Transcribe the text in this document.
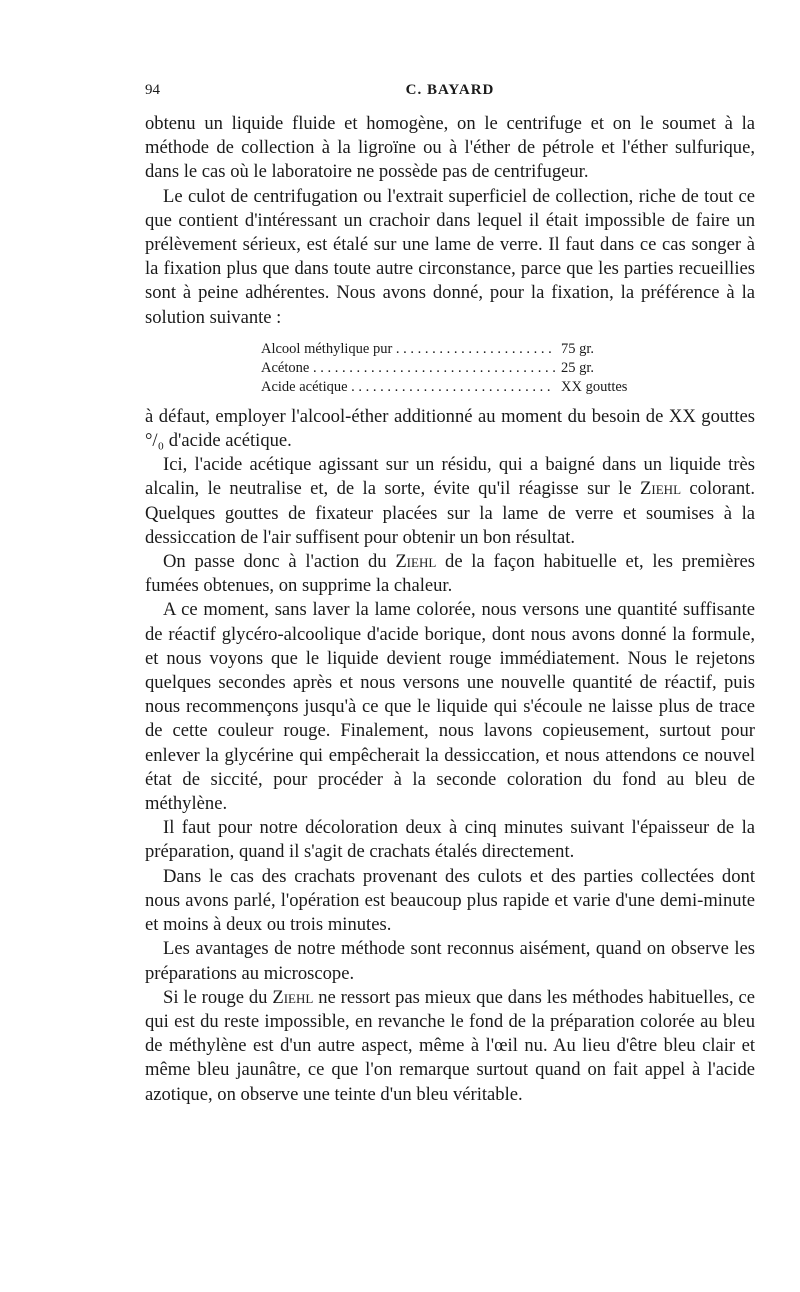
94	C. BAYARD

obtenu un liquide fluide et homogène, on le centrifuge et on le soumet à la méthode de collection à la ligroïne ou à l'éther de pétrole et l'éther sulfurique, dans le cas où le laboratoire ne possède pas de centrifugeur.

Le culot de centrifugation ou l'extrait superficiel de collection, riche de tout ce que contient d'intéressant un crachoir dans lequel il était impossible de faire un prélèvement sérieux, est étalé sur une lame de verre. Il faut dans ce cas songer à la fixation plus que dans toute autre circonstance, parce que les parties recueillies sont à peine adhérentes. Nous avons donné, pour la fixation, la préférence à la solution suivante :

Alcool méthylique pur . . .	75 gr.
Acétone . . .	25 gr.
Acide acétique . . .	XX gouttes

à défaut, employer l'alcool-éther additionné au moment du besoin de XX gouttes °/₀ d'acide acétique.

Ici, l'acide acétique agissant sur un résidu, qui a baigné dans un liquide très alcalin, le neutralise et, de la sorte, évite qu'il réagisse sur le Ziehl colorant. Quelques gouttes de fixateur placées sur la lame de verre et soumises à la dessiccation de l'air suffisent pour obtenir un bon résultat.

On passe donc à l'action du Ziehl de la façon habituelle et, les premières fumées obtenues, on supprime la chaleur.

A ce moment, sans laver la lame colorée, nous versons une quantité suffisante de réactif glycéro-alcoolique d'acide borique, dont nous avons donné la formule, et nous voyons que le liquide devient rouge immédiatement. Nous le rejetons quelques secondes après et nous versons une nouvelle quantité de réactif, puis nous recommençons jusqu'à ce que le liquide qui s'écoule ne laisse plus de trace de cette couleur rouge. Finalement, nous lavons copieusement, surtout pour enlever la glycérine qui empêcherait la dessiccation, et nous attendons ce nouvel état de siccité, pour procéder à la seconde coloration du fond au bleu de méthylène.

Il faut pour notre décoloration deux à cinq minutes suivant l'épaisseur de la préparation, quand il s'agit de crachats étalés directement.

Dans le cas des crachats provenant des culots et des parties collectées dont nous avons parlé, l'opération est beaucoup plus rapide et varie d'une demi-minute et moins à deux ou trois minutes.

Les avantages de notre méthode sont reconnus aisément, quand on observe les préparations au microscope.

Si le rouge du Ziehl ne ressort pas mieux que dans les méthodes habituelles, ce qui est du reste impossible, en revanche le fond de la préparation colorée au bleu de méthylène est d'un autre aspect, même à l'œil nu. Au lieu d'être bleu clair et même bleu jaunâtre, ce que l'on remarque surtout quand on fait appel à l'acide azotique, on observe une teinte d'un bleu véritable.
